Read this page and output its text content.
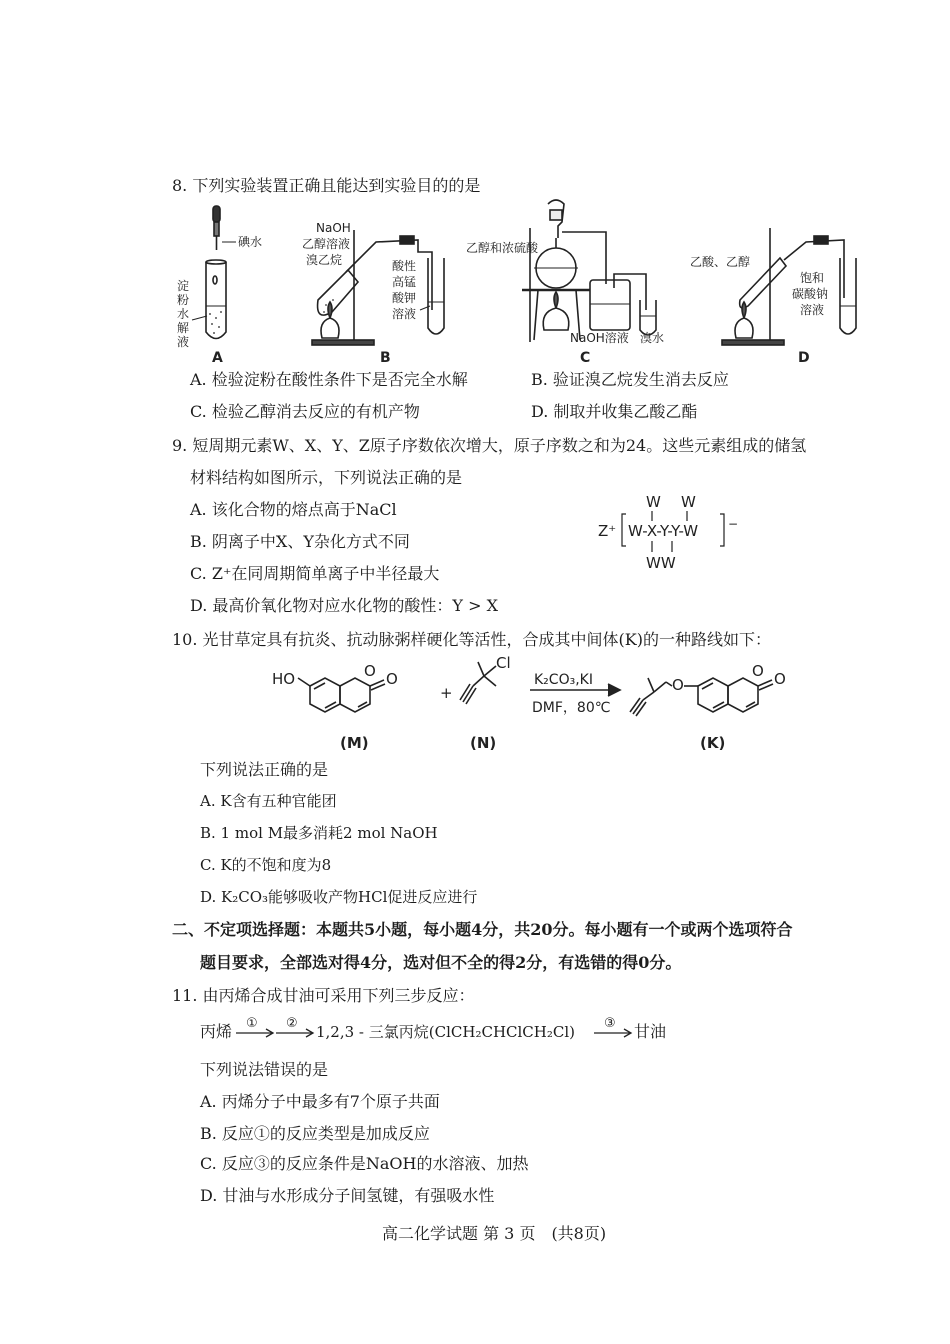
8. 下列实验装置正确且能达到实验目的的是
碘水
淀
粉
水
解
液
NaOH
乙醇溶液
溴乙烷	酸性
高锰
酸钾
溶液
乙醇和浓硫酸
NaOH溶液 溴水
乙酸、乙醇
饱和
碳酸钠
溶液
A	B	C	D
A. 检验淀粉在酸性条件下是否完全水解	B. 验证溴乙烷发生消去反应
C. 检验乙醇消去反应的有机产物	D. 制取并收集乙酸乙酯
9. 短周期元素W、X、Y、Z原子序数依次增大，原子序数之和为24。这些元素组成的储氢
材料结构如图所示，下列说法正确的是
A. 该化合物的熔点高于NaCl
B. 阴离子中X、Y杂化方式不同
C. Z⁺在同周期简单离子中半径最大
D. 最高价氧化物对应水化物的酸性：Y > X
W W
Z⁺ W-X-Y-Y-W −
WW
10. 光甘草定具有抗炎、抗动脉粥样硬化等活性，合成其中间体(K)的一种路线如下：
HO	O
O
+
Cl
O
O O
(M)	(N)	(K)
K₂CO₃,KI
DMF，80℃
下列说法正确的是
A. K含有五种官能团
B. 1 mol M最多消耗2 mol NaOH
C. K的不饱和度为8
D. K₂CO₃能够吸收产物HCl促进反应进行
二、不定项选择题：本题共5小题，每小题4分，共20分。每小题有一个或两个选项符合
题目要求，全部选对得4分，选对但不全的得2分，有选错的得0分。
11. 由丙烯合成甘油可采用下列三步反应：
丙烯 ① ②	③
1,2,3 - 三氯丙烷(ClCH₂CHClCH₂Cl)	甘油
下列说法错误的是
A. 丙烯分子中最多有7个原子共面
B. 反应①的反应类型是加成反应
C. 反应③的反应条件是NaOH的水溶液、加热
D. 甘油与水形成分子间氢键，有强吸水性
高二化学试题 第 3 页　(共8页)
